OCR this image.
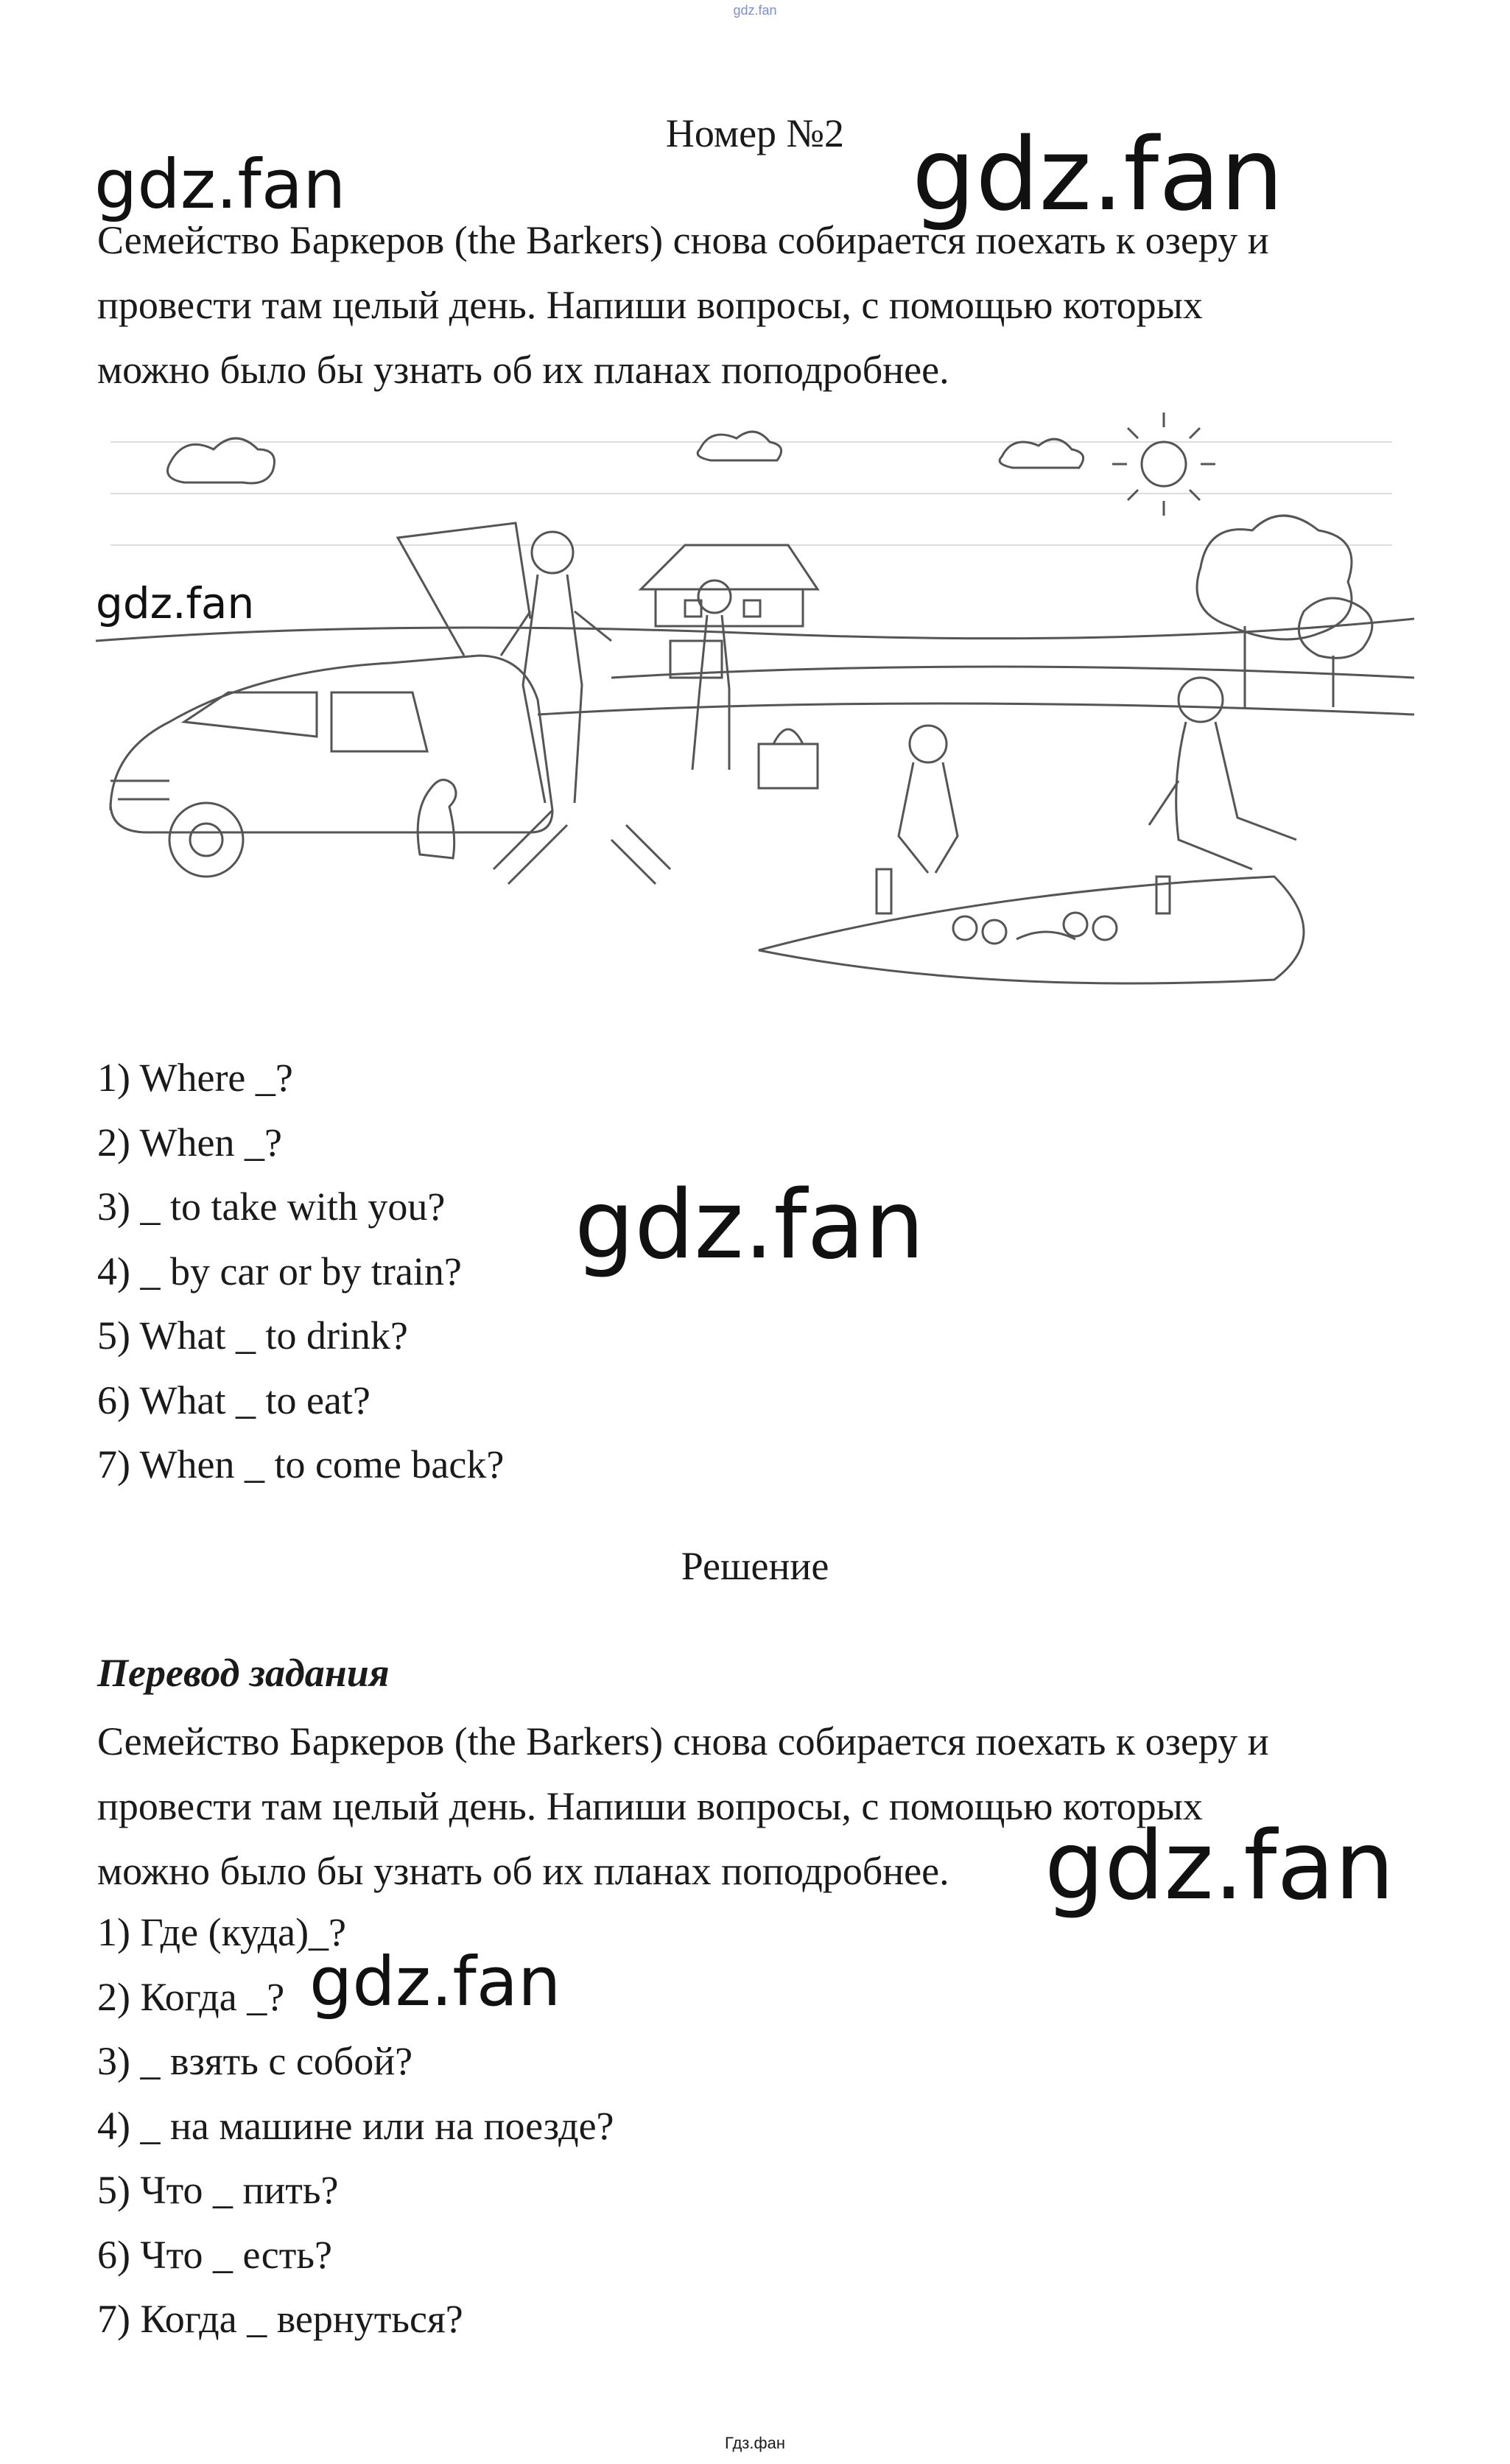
gdz.fan
Номер №2
gdz.fan	gdz.fan
Семейство Баркеров (the Barkers) снова собирается поехать к озеру и
провести там целый день. Напиши вопросы, с помощью которых
можно было бы узнать об их планах поподробнее.
gdz.fan
1) Where _?
2) When _?
3) _ to take with you?
4) _ by car or by train?
5) What _ to drink?
6) What _ to eat?
7) When _ to come back?
gdz.fan
Решение
Перевод задания
Семейство Баркеров (the Barkers) снова собирается поехать к озеру и
провести там целый день. Напиши вопросы, с помощью которых
можно было бы узнать об их планах поподробнее.	gdz.fan
1) Где (куда)_?
2) Когда _?
3) _ взять с собой?
4) _ на машине или на поезде?
5) Что _ пить?
6) Что _ есть?
7) Когда _ вернуться?
gdz.fan
Гдз.фан
